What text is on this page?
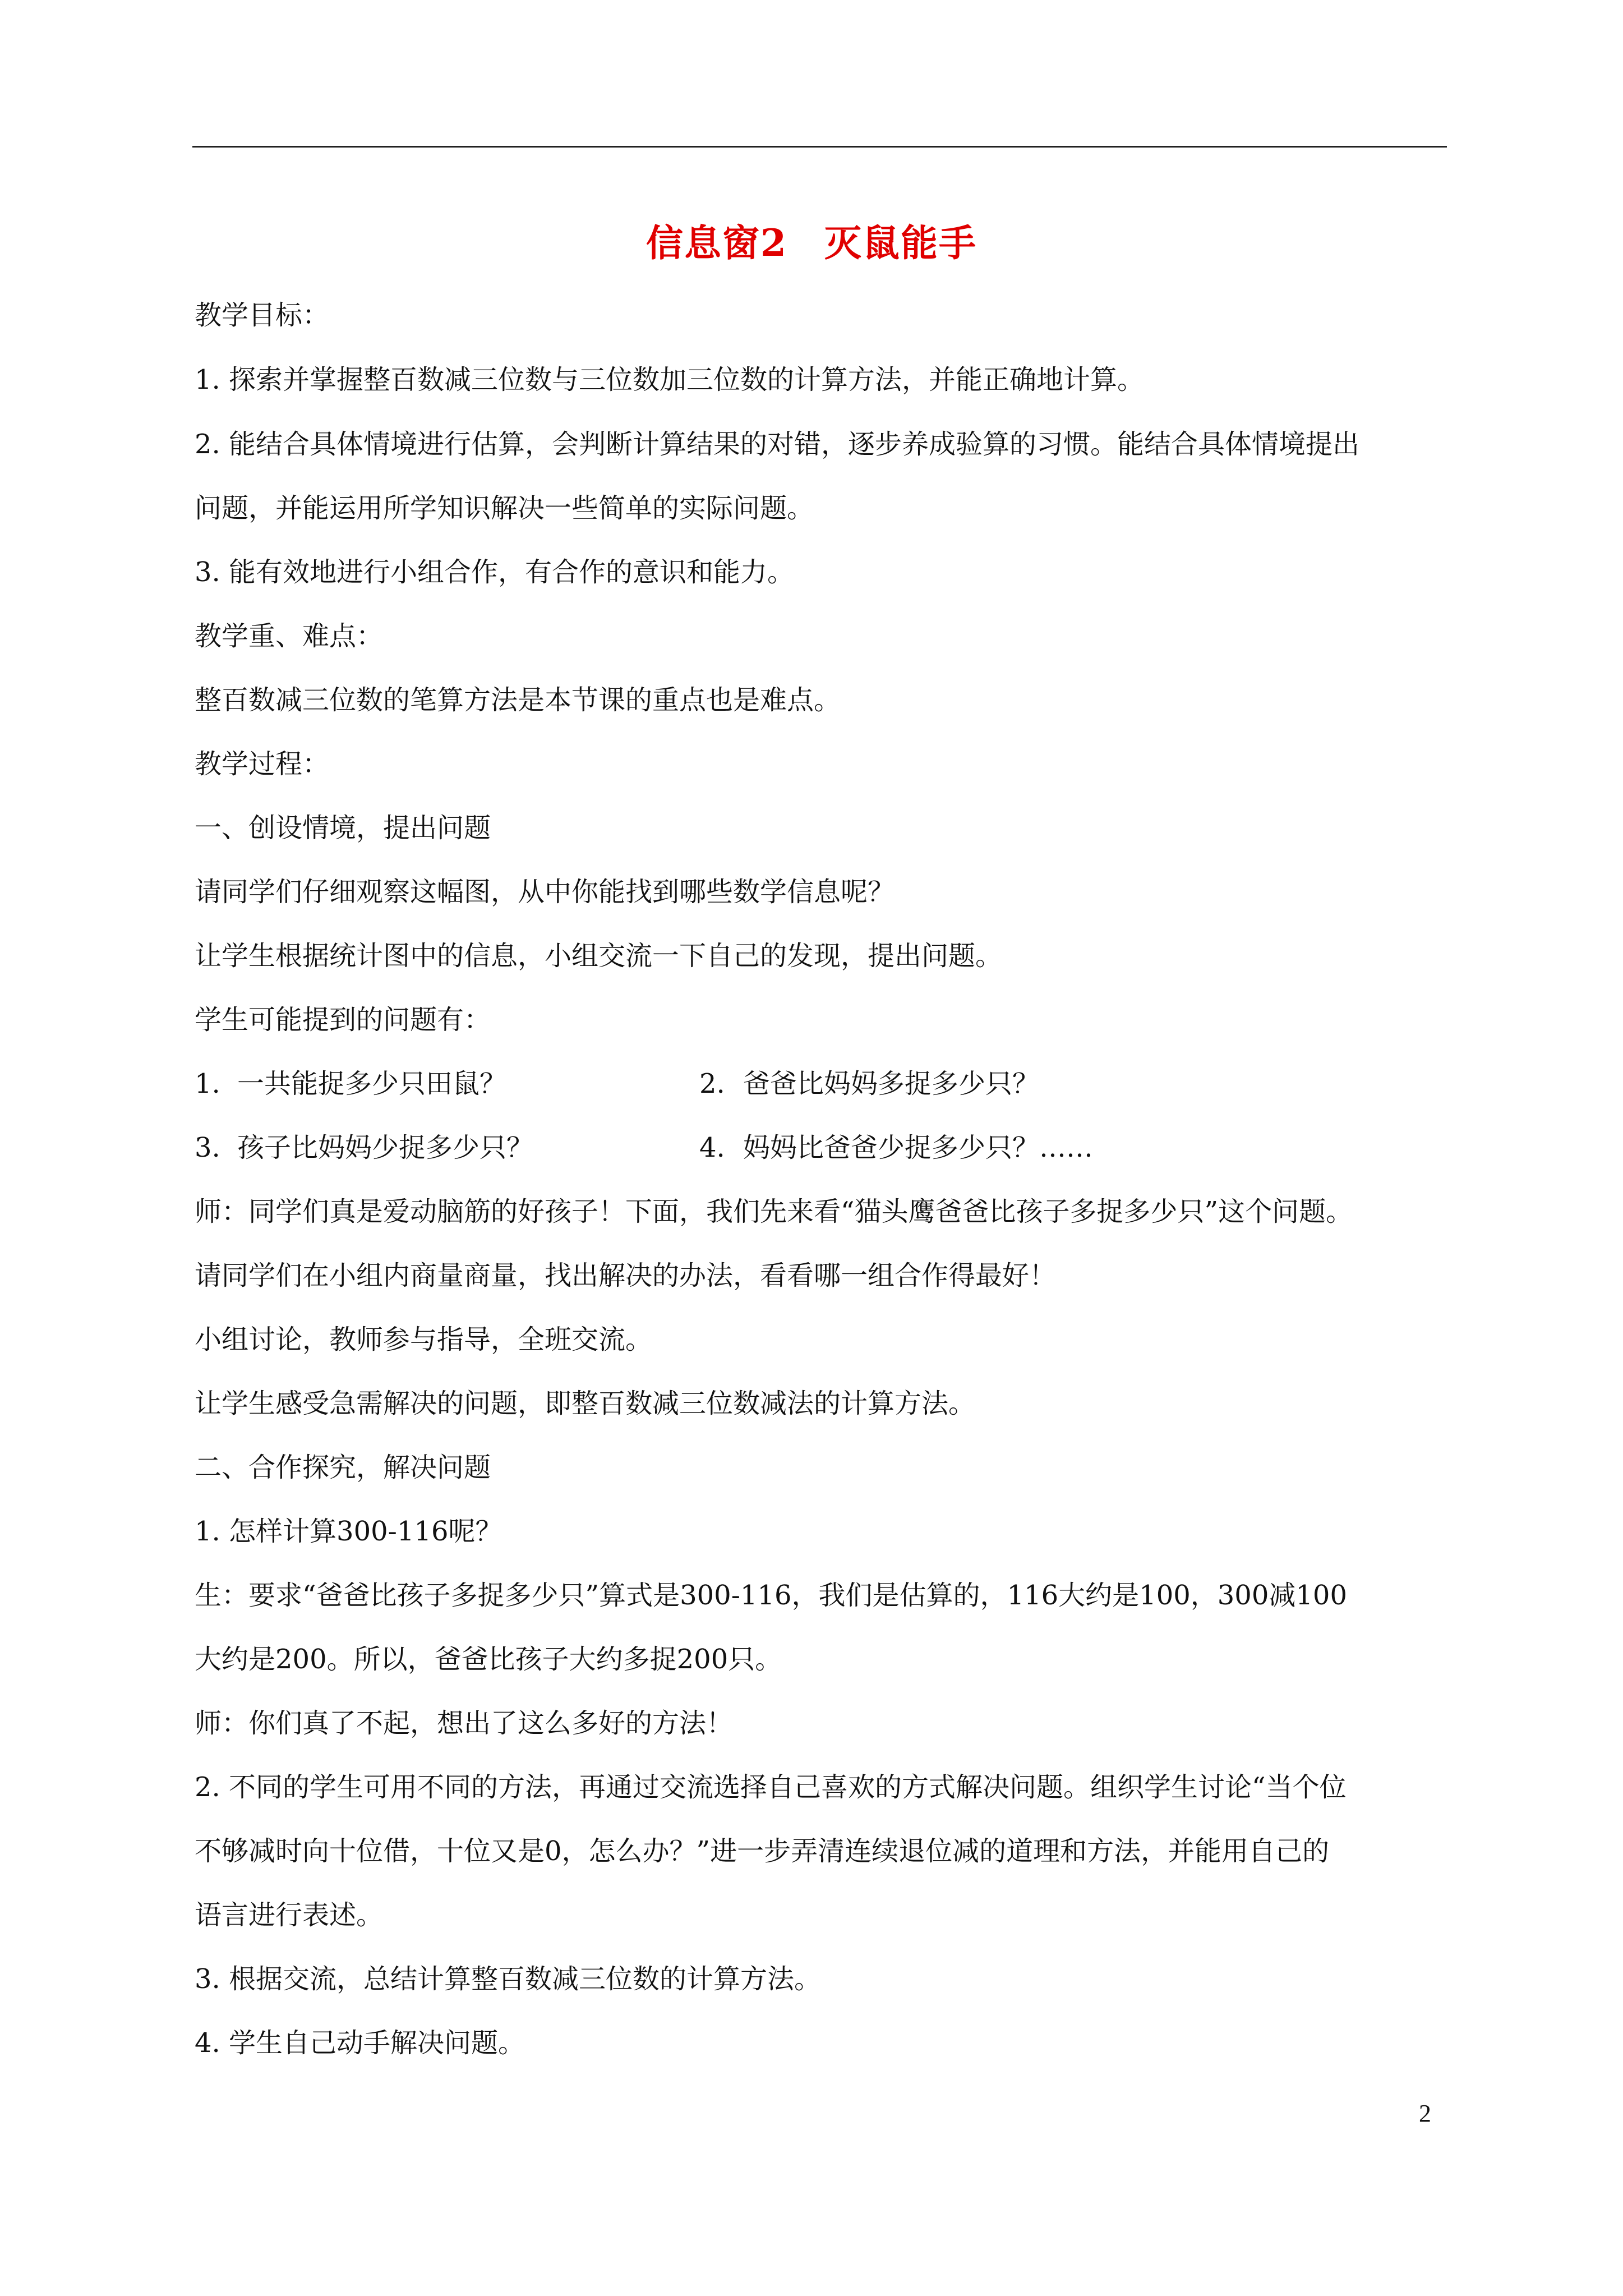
信息窗2 灭鼠能手
教学目标：
1. 探索并掌握整百数减三位数与三位数加三位数的计算方法，并能正确地计算。
2. 能结合具体情境进行估算，会判断计算结果的对错，逐步养成验算的习惯。能结合具体情境提出
问题，并能运用所学知识解决一些简单的实际问题。
3. 能有效地进行小组合作，有合作的意识和能力。
教学重、难点：
整百数减三位数的笔算方法是本节课的重点也是难点。
教学过程：
一、创设情境，提出问题
请同学们仔细观察这幅图，从中你能找到哪些数学信息呢？
让学生根据统计图中的信息，小组交流一下自己的发现，提出问题。
学生可能提到的问题有：
1. 一共能捉多少只田鼠？	2. 爸爸比妈妈多捉多少只？
3. 孩子比妈妈少捉多少只？	4. 妈妈比爸爸少捉多少只？……
师：同学们真是爱动脑筋的好孩子！下面，我们先来看“猫头鹰爸爸比孩子多捉多少只”这个问题。
请同学们在小组内商量商量，找出解决的办法，看看哪一组合作得最好！
小组讨论，教师参与指导，全班交流。
让学生感受急需解决的问题，即整百数减三位数减法的计算方法。
二、合作探究，解决问题
1. 怎样计算300-116呢？
生：要求“爸爸比孩子多捉多少只”算式是300-116，我们是估算的，116大约是100，300减100
大约是200。所以，爸爸比孩子大约多捉200只。
师：你们真了不起，想出了这么多好的方法！
2. 不同的学生可用不同的方法，再通过交流选择自己喜欢的方式解决问题。组织学生讨论“当个位
不够减时向十位借，十位又是0，怎么办？”进一步弄清连续退位减的道理和方法，并能用自己的
语言进行表述。
3. 根据交流，总结计算整百数减三位数的计算方法。
4. 学生自己动手解决问题。
2
